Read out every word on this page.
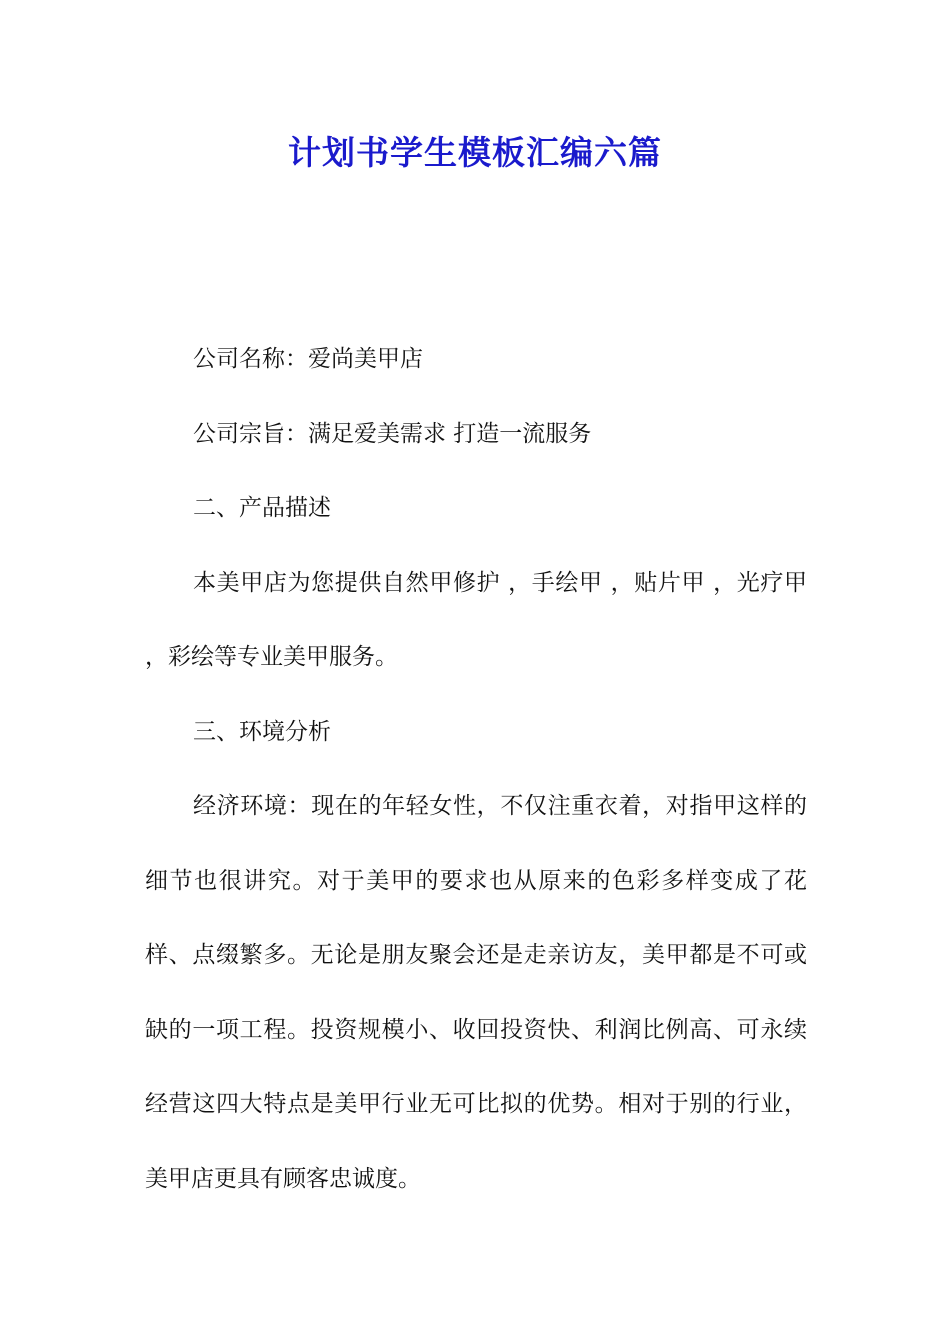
计划书学生模板汇编六篇

公司名称：爱尚美甲店

公司宗旨：满足爱美需求 打造一流服务

二、产品描述

本美甲店为您提供自然甲修护 ，手绘甲 ，贴片甲 ，光疗甲 ，彩绘等专业美甲服务。

三、环境分析

经济环境：现在的年轻女性，不仅注重衣着，对指甲这样的细节也很讲究。对于美甲的要求也从原来的色彩多样变成了花样、点缀繁多。无论是朋友聚会还是走亲访友，美甲都是不可或缺的一项工程。投资规模小、收回投资快、利润比例高、可永续经营这四大特点是美甲行业无可比拟的优势。相对于别的行业，美甲店更具有顾客忠诚度。
